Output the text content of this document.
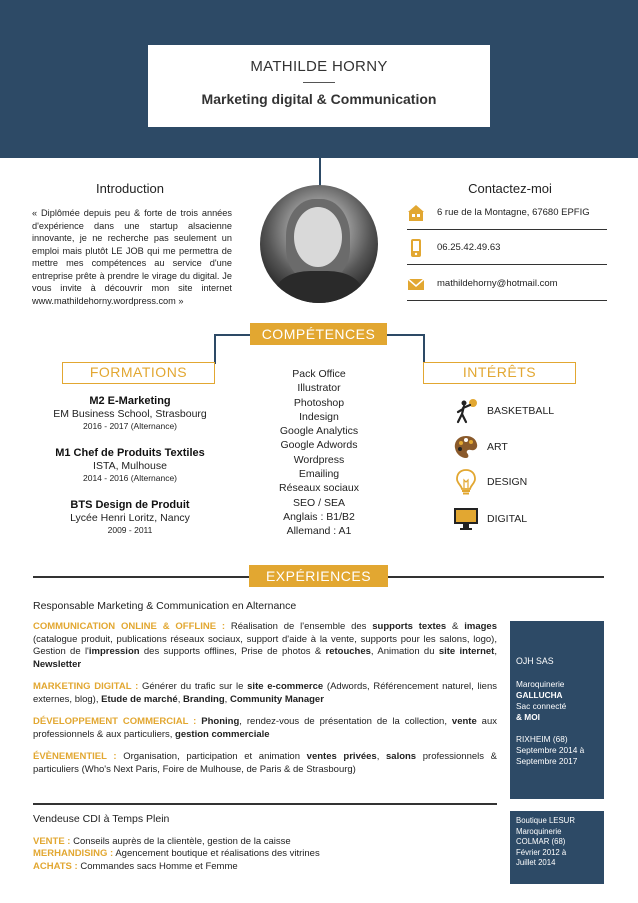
MATHILDE HORNY
Marketing digital & Communication
Introduction
« Diplômée depuis peu & forte de trois années d'expérience dans une startup alsacienne innovante, je ne recherche pas seulement un emploi mais plutôt LE JOB qui me permettra de mettre mes compétences au service d'une entreprise prête à prendre le virage du digital. Je vous invite à découvrir mon site internet www.mathildehorny.wordpress.com »
Contactez-moi
6 rue de la Montagne, 67680 EPFIG
06.25.42.49.63
mathildehorny@hotmail.com
COMPÉTENCES
FORMATIONS	INTÉRÊTS
M2 E-Marketing
EM Business School, Strasbourg
2016 - 2017 (Alternance)
M1 Chef de Produits Textiles
ISTA, Mulhouse
2014 - 2016 (Alternance)
BTS Design de Produit
Lycée Henri Loritz, Nancy
2009 - 2011
Pack Office
Illustrator
Photoshop
Indesign
Google Analytics
Google Adwords
Wordpress
Emailing
Réseaux sociaux
SEO / SEA
Anglais : B1/B2
Allemand : A1
BASKETBALL
ART
DESIGN
DIGITAL
EXPÉRIENCES
Responsable Marketing & Communication en Alternance

COMMUNICATION ONLINE & OFFLINE : Réalisation de l'ensemble des supports textes & images (catalogue produit, publications réseaux sociaux, support d'aide à la vente, supports pour les salons, logo), Gestion de l'impression des supports offlines, Prise de photos & retouches, Animation du site internet, Newsletter

MARKETING DIGITAL : Générer du trafic sur le site e-commerce (Adwords, Référencement naturel, liens externes, blog), Etude de marché, Branding, Community Manager

DÉVELOPPEMENT COMMERCIAL : Phoning, rendez-vous de présentation de la collection, vente aux professionnels & aux particuliers, gestion commerciale

ÉVÈNEMENTIEL : Organisation, participation et animation ventes privées, salons professionnels & particuliers (Who's Next Paris, Foire de Mulhouse, de Paris & de Strasbourg)

OJH SAS
Maroquinerie
GALLUCHA
Sac connecté
& MOI
RIXHEIM (68)
Septembre 2014 à
Septembre 2017
Vendeuse CDI à Temps Plein
VENTE : Conseils auprès de la clientèle, gestion de la caisse
MERHANDISING : Agencement boutique et réalisations des vitrines
ACHATS : Commandes sacs Homme et Femme
Boutique LESUR
Maroquinerie
COLMAR (68)
Février 2012 à
Juillet 2014
